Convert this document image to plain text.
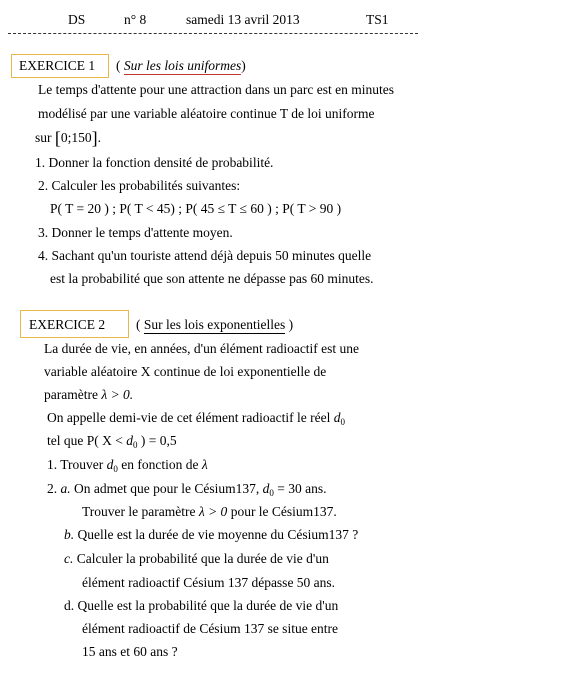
DS	n° 8	samedi 13 avril 2013	TS1
EXERCICE 1 ( Sur les lois uniformes)
Le temps d'attente pour une attraction dans un parc est en minutes
modélisé par une variable aléatoire continue T de loi uniforme
sur [0;150].
1. Donner la fonction densité de probabilité.
2. Calculer les probabilités suivantes:
P( T = 20 ) ; P( T < 45) ; P( 45 ≤ T ≤ 60 ) ; P( T > 90 )
3. Donner le temps d'attente moyen.
4. Sachant qu'un touriste attend déjà depuis 50 minutes quelle
est la probabilité que son attente ne dépasse pas 60 minutes.
EXERCICE 2 ( Sur les lois exponentielles )
La durée de vie, en années, d'un élément radioactif est une
variable aléatoire X continue de loi exponentielle de
paramètre λ > 0.
On appelle demi-vie de cet élément radioactif le réel $d_0$
tel que P( $X < d_0$ ) = 0,5
1. Trouver $d_0$ en fonction de λ
2. a. On admet que pour le Césium137, $d_0 = 30$ ans.
Trouver le paramètre λ > 0 pour le Césium137.
b. Quelle est la durée de vie moyenne du Césium137 ?
c. Calculer la probabilité que la durée de vie d'un
élément radioactif Césium 137 dépasse 50 ans.
d. Quelle est la probabilité que la durée de vie d'un
élément radioactif de Césium 137 se situe entre
15 ans et 60 ans ?
